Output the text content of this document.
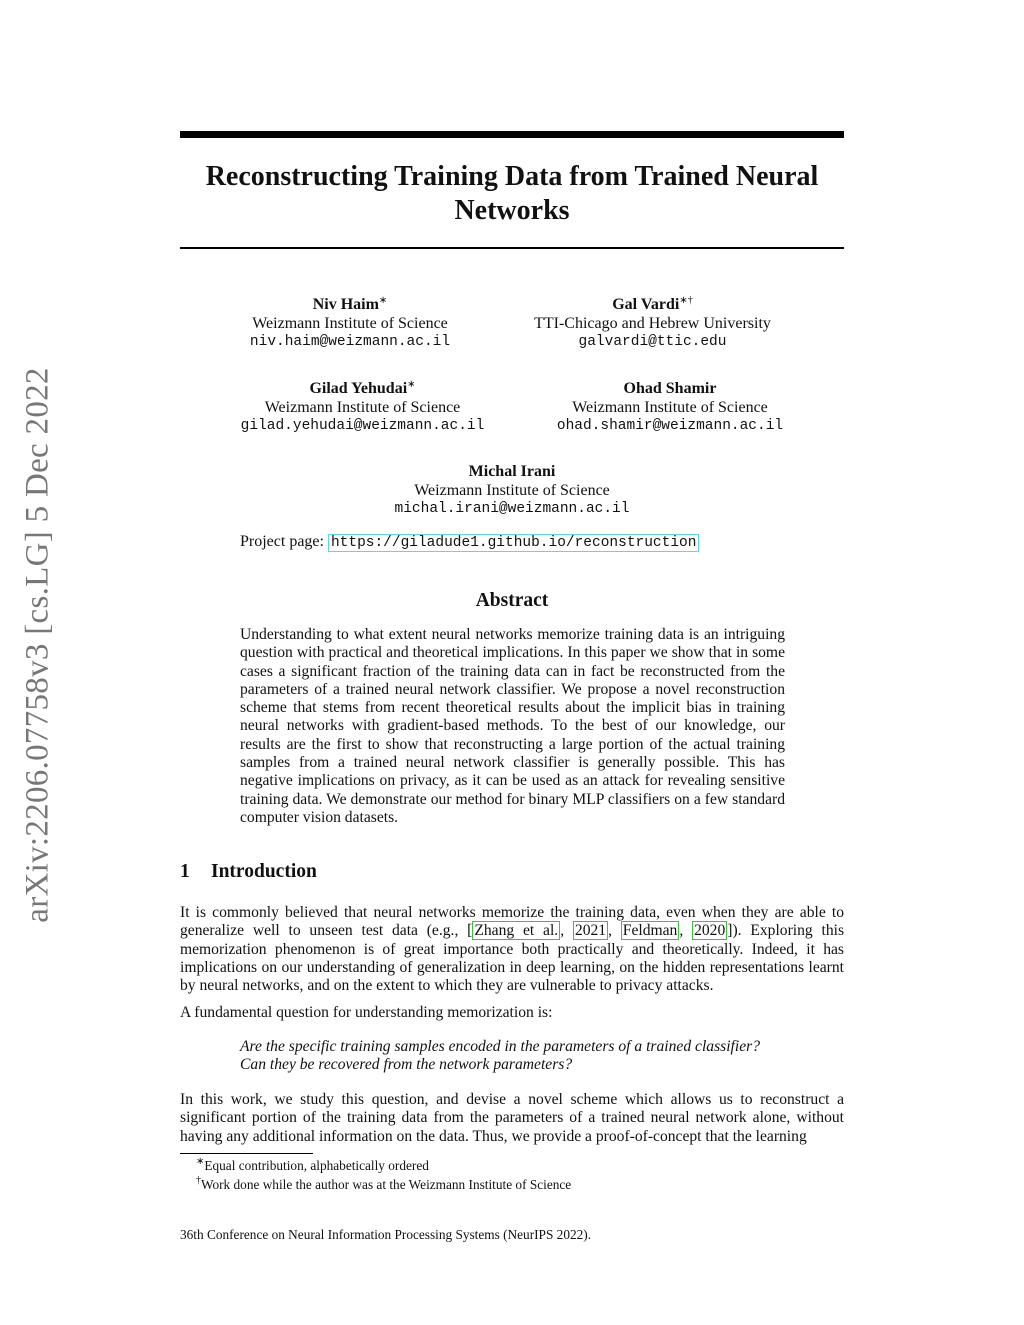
arXiv:2206.07758v3 [cs.LG] 5 Dec 2022
Reconstructing Training Data from Trained Neural Networks
Niv Haim∗
Weizmann Institute of Science
niv.haim@weizmann.ac.il
Gal Vardi∗†
TTI-Chicago and Hebrew University
galvardi@ttic.edu
Gilad Yehudai∗
Weizmann Institute of Science
gilad.yehudai@weizmann.ac.il
Ohad Shamir
Weizmann Institute of Science
ohad.shamir@weizmann.ac.il
Michal Irani
Weizmann Institute of Science
michal.irani@weizmann.ac.il
Project page: https://giladude1.github.io/reconstruction
Abstract
Understanding to what extent neural networks memorize training data is an intriguing question with practical and theoretical implications. In this paper we show that in some cases a significant fraction of the training data can in fact be reconstructed from the parameters of a trained neural network classifier. We propose a novel reconstruction scheme that stems from recent theoretical results about the implicit bias in training neural networks with gradient-based methods. To the best of our knowledge, our results are the first to show that reconstructing a large portion of the actual training samples from a trained neural network classifier is generally possible. This has negative implications on privacy, as it can be used as an attack for revealing sensitive training data. We demonstrate our method for binary MLP classifiers on a few standard computer vision datasets.
1 Introduction
It is commonly believed that neural networks memorize the training data, even when they are able to generalize well to unseen test data (e.g., [ Zhang et al. , 2021 , Feldman , 2020 ]). Exploring this memorization phenomenon is of great importance both practically and theoretically. Indeed, it has implications on our understanding of generalization in deep learning, on the hidden representations learnt by neural networks, and on the extent to which they are vulnerable to privacy attacks.
A fundamental question for understanding memorization is:
Are the specific training samples encoded in the parameters of a trained classifier?
Can they be recovered from the network parameters?
In this work, we study this question, and devise a novel scheme which allows us to reconstruct a significant portion of the training data from the parameters of a trained neural network alone, without having any additional information on the data. Thus, we provide a proof-of-concept that the learning
∗Equal contribution, alphabetically ordered
†Work done while the author was at the Weizmann Institute of Science
36th Conference on Neural Information Processing Systems (NeurIPS 2022).
